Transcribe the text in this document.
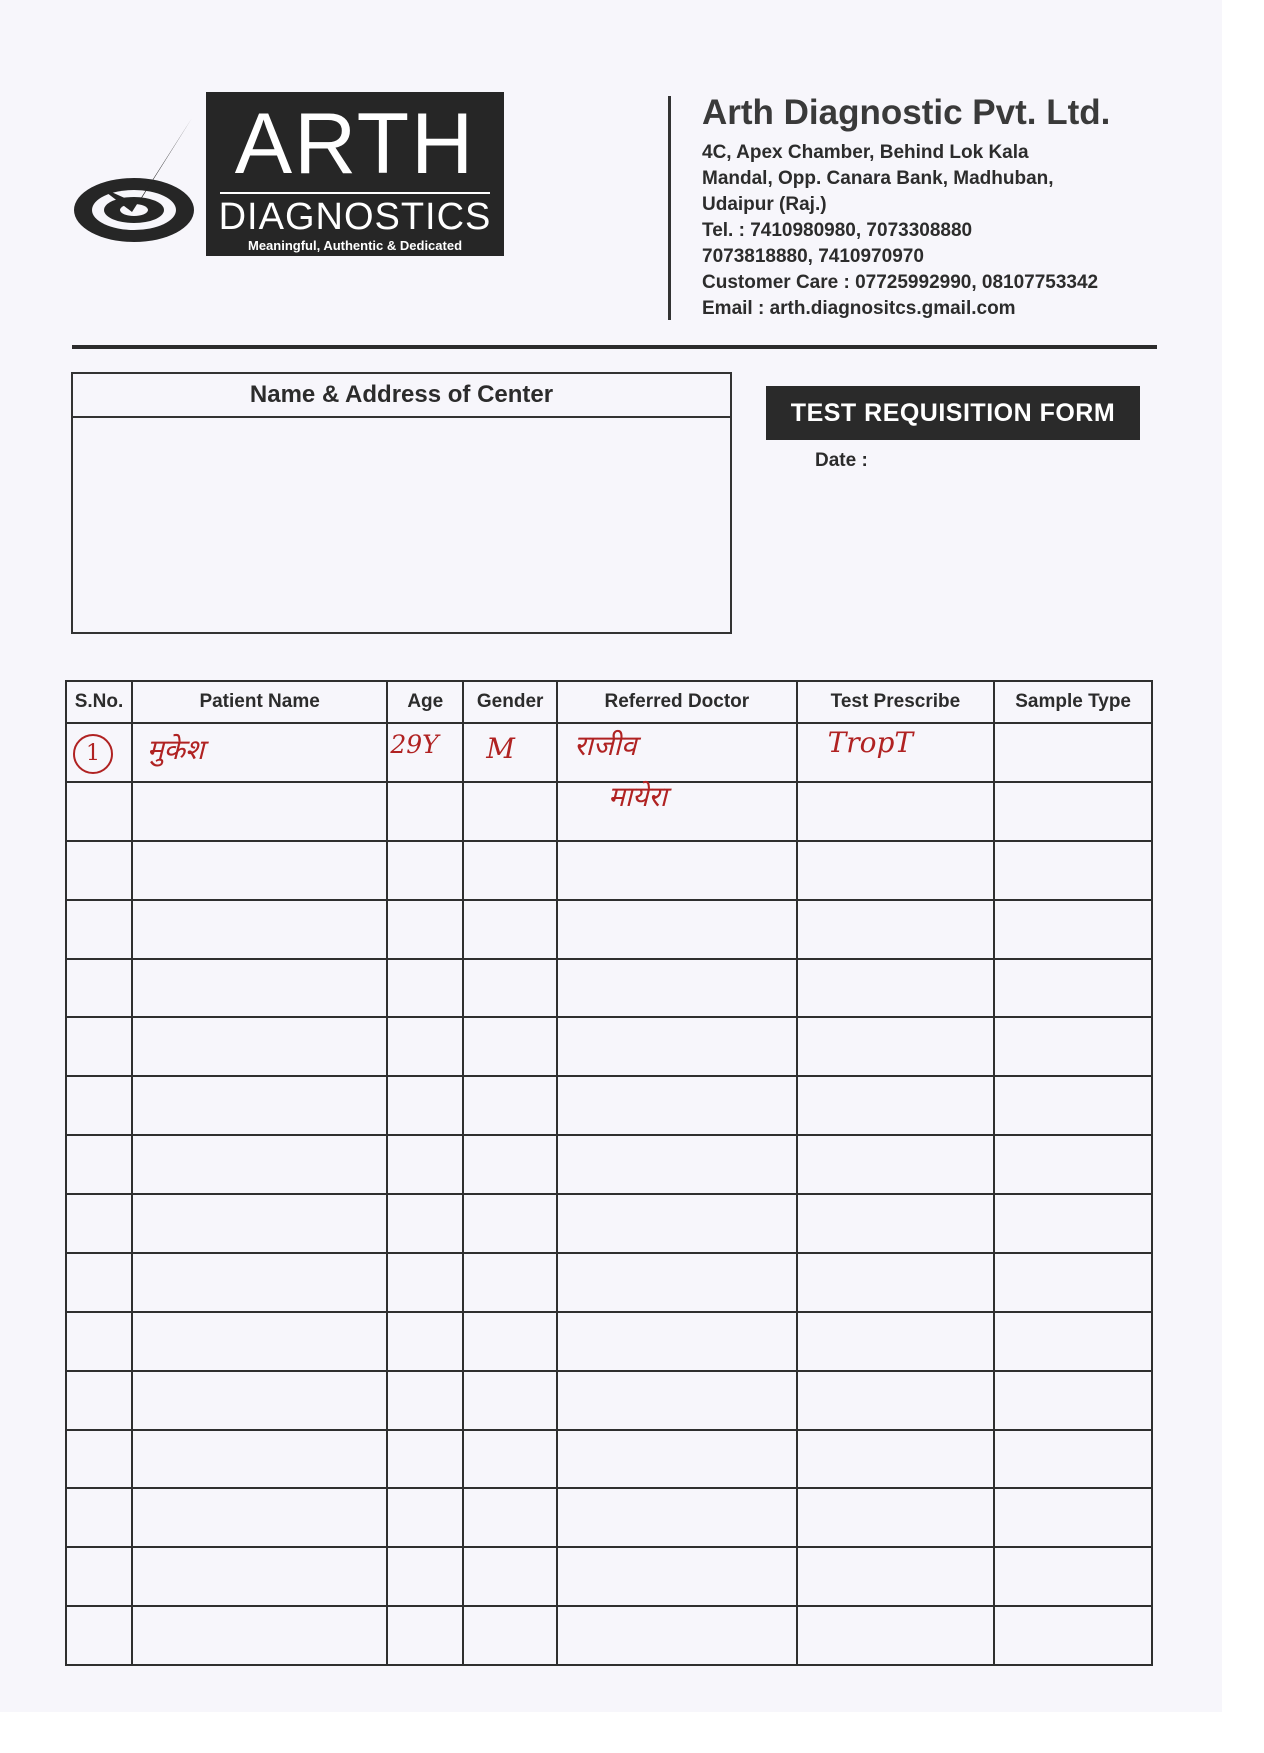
ARTH
DIAGNOSTICS
Meaningful, Authentic & Dedicated
Arth Diagnostic Pvt. Ltd.
4C, Apex Chamber, Behind Lok Kala
Mandal, Opp. Canara Bank, Madhuban,
Udaipur (Raj.)
Tel. : 7410980980, 7073308880
7073818880, 7410970970
Customer Care : 07725992990, 08107753342
Email : arth.diagnositcs.gmail.com
Name & Address of Center
TEST REQUISITION FORM
Date :
S.No.	Patient Name	Age	Gender	Referred Doctor	Test Prescribe	Sample Type

1	मुकेश	29Y	M	राजीव	TropT	

				मायेरा		
